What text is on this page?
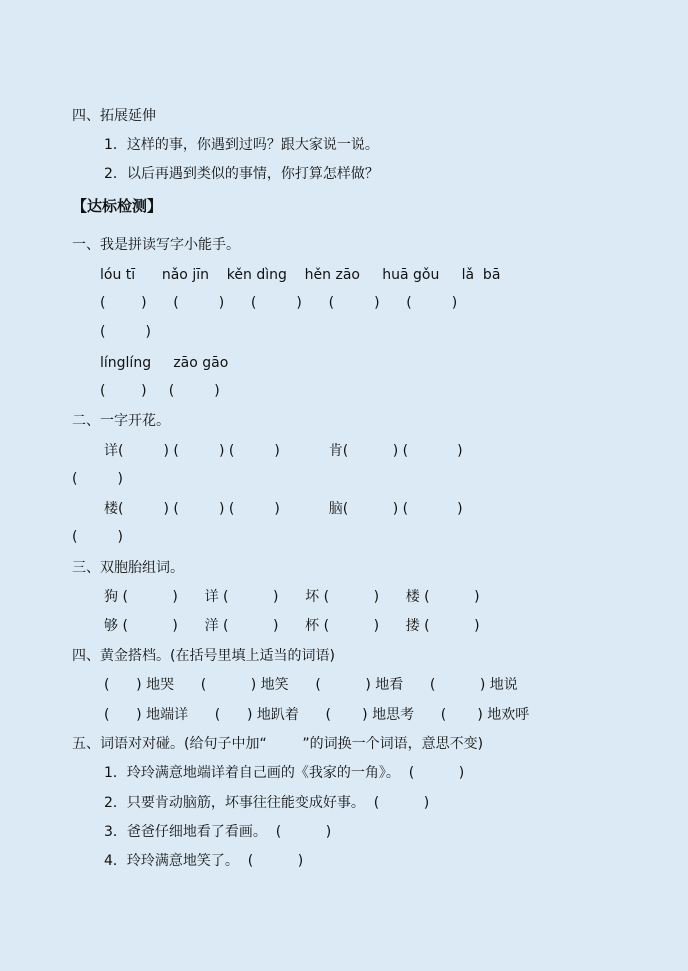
四、拓展延伸
1．这样的事，你遇到过吗？跟大家说一说。
2．以后再遇到类似的事情，你打算怎样做？
【达标检测】
一、我是拼读写字小能手。
lóu tī      nǎo jīn    kěn dìng    hěn zāo     huā gǒu     lǎ  bā
(        )      (         )      (         )      (         )      (         )
(         )
línglíng     zāo gāo
(        )     (         )
二、一字开花。
详(         ) (         ) (         )           肯(          ) (           )
(         )
楼(         ) (         ) (         )           脑(          ) (           )
(         )
三、双胞胎组词。
狗 (          )      详 (          )      坏 (          )      楼 (          )
够 (          )      洋 (          )      杯 (          )      搂 (          )
四、黄金搭档。(在括号里填上适当的词语)
(      ) 地哭      (          ) 地笑      (          ) 地看      (          ) 地说
(      ) 地端详      (      ) 地趴着      (       ) 地思考      (       ) 地欢呼
五、词语对对碰。(给句子中加“        ”的词换一个词语，意思不变)
1．玲玲满意地端详着自己画的《我家的一角》。  (          )
2．只要肯动脑筋，坏事往往能变成好事。  (          )
3．爸爸仔细地看了看画。  (          )
4．玲玲满意地笑了。  (          )
